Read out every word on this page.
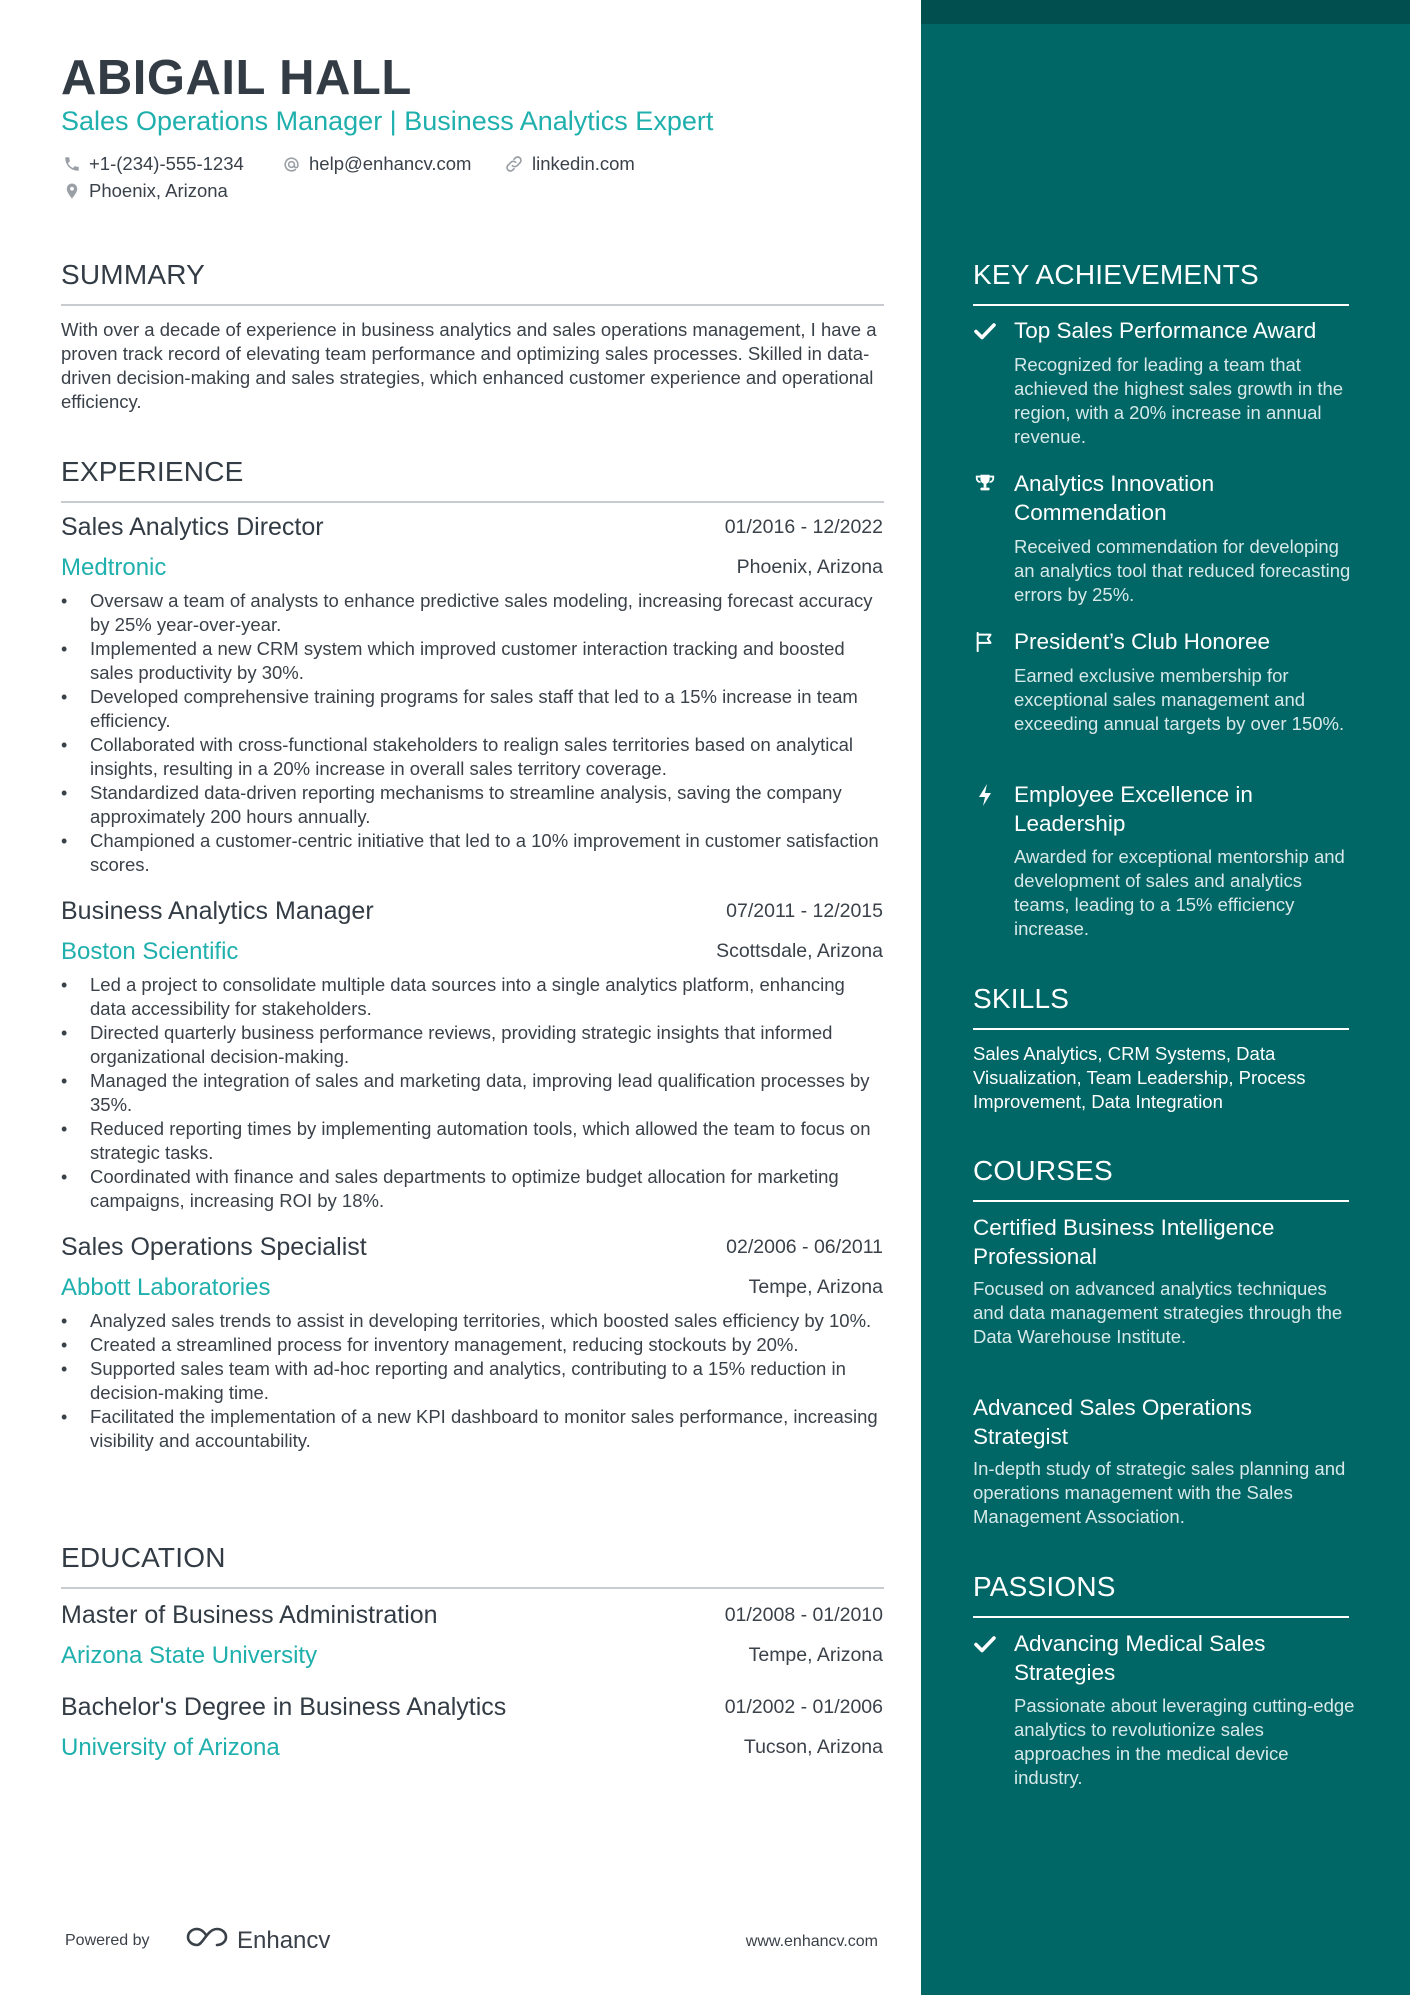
ABIGAIL HALL
Sales Operations Manager | Business Analytics Expert
+1-(234)-555-1234	help@enhancv.com	linkedin.com
Phoenix, Arizona
SUMMARY
With over a decade of experience in business analytics and sales operations management, I have a proven track record of elevating team performance and optimizing sales processes. Skilled in data-driven decision-making and sales strategies, which enhanced customer experience and operational efficiency.
EXPERIENCE
Sales Analytics Director	01/2016 - 12/2022
Medtronic	Phoenix, Arizona
• Oversaw a team of analysts to enhance predictive sales modeling, increasing forecast accuracy by 25% year-over-year.
• Implemented a new CRM system which improved customer interaction tracking and boosted sales productivity by 30%.
• Developed comprehensive training programs for sales staff that led to a 15% increase in team efficiency.
• Collaborated with cross-functional stakeholders to realign sales territories based on analytical insights, resulting in a 20% increase in overall sales territory coverage.
• Standardized data-driven reporting mechanisms to streamline analysis, saving the company approximately 200 hours annually.
• Championed a customer-centric initiative that led to a 10% improvement in customer satisfaction scores.
Business Analytics Manager	07/2011 - 12/2015
Boston Scientific	Scottsdale, Arizona
• Led a project to consolidate multiple data sources into a single analytics platform, enhancing data accessibility for stakeholders.
• Directed quarterly business performance reviews, providing strategic insights that informed organizational decision-making.
• Managed the integration of sales and marketing data, improving lead qualification processes by 35%.
• Reduced reporting times by implementing automation tools, which allowed the team to focus on strategic tasks.
• Coordinated with finance and sales departments to optimize budget allocation for marketing campaigns, increasing ROI by 18%.
Sales Operations Specialist	02/2006 - 06/2011
Abbott Laboratories	Tempe, Arizona
• Analyzed sales trends to assist in developing territories, which boosted sales efficiency by 10%.
• Created a streamlined process for inventory management, reducing stockouts by 20%.
• Supported sales team with ad-hoc reporting and analytics, contributing to a 15% reduction in decision-making time.
• Facilitated the implementation of a new KPI dashboard to monitor sales performance, increasing visibility and accountability.
EDUCATION
Master of Business Administration	01/2008 - 01/2010
Arizona State University	Tempe, Arizona
Bachelor's Degree in Business Analytics	01/2002 - 01/2006
University of Arizona	Tucson, Arizona
Powered by	Enhancv	www.enhancv.com
KEY ACHIEVEMENTS
Top Sales Performance Award
Recognized for leading a team that achieved the highest sales growth in the region, with a 20% increase in annual revenue.
Analytics Innovation Commendation
Received commendation for developing an analytics tool that reduced forecasting errors by 25%.
President’s Club Honoree
Earned exclusive membership for exceptional sales management and exceeding annual targets by over 150%.
Employee Excellence in Leadership
Awarded for exceptional mentorship and development of sales and analytics teams, leading to a 15% efficiency increase.
SKILLS
Sales Analytics, CRM Systems, Data Visualization, Team Leadership, Process Improvement, Data Integration
COURSES
Certified Business Intelligence Professional
Focused on advanced analytics techniques and data management strategies through the Data Warehouse Institute.
Advanced Sales Operations Strategist
In-depth study of strategic sales planning and operations management with the Sales Management Association.
PASSIONS
Advancing Medical Sales Strategies
Passionate about leveraging cutting-edge analytics to revolutionize sales approaches in the medical device industry.
